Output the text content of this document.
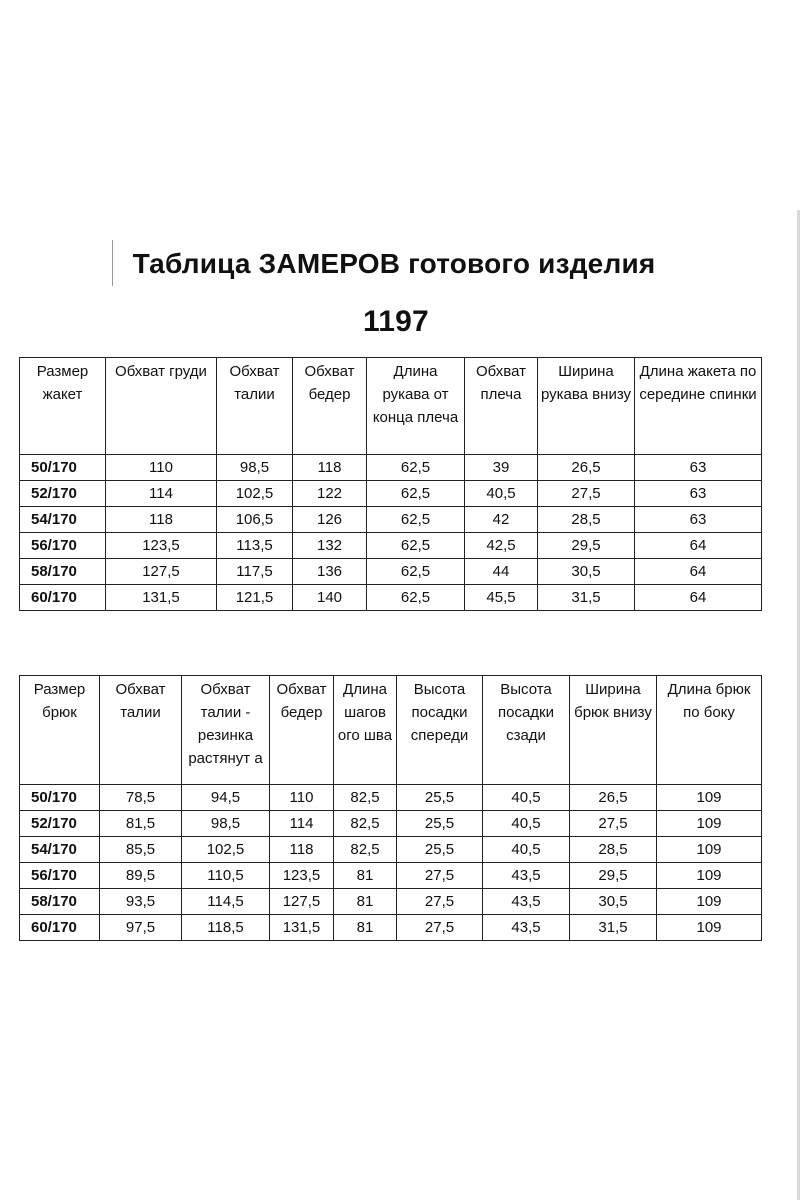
Таблица ЗАМЕРОВ готового изделия
1197
Размер жакет	Обхват груди	Обхват талии	Обхват бедер	Длина рукава от конца плеча	Обхват плеча	Ширина рукава внизу	Длина жакета по середине спинки
50/170	110	98,5	118	62,5	39	26,5	63
52/170	114	102,5	122	62,5	40,5	27,5	63
54/170	118	106,5	126	62,5	42	28,5	63
56/170	123,5	113,5	132	62,5	42,5	29,5	64
58/170	127,5	117,5	136	62,5	44	30,5	64
60/170	131,5	121,5	140	62,5	45,5	31,5	64
Размер брюк	Обхват талии	Обхват талии - резинка растянут а	Обхват бедер	Длина шагов ого шва	Высота посадки спереди	Высота посадки сзади	Ширина брюк внизу	Длина брюк по боку
50/170	78,5	94,5	110	82,5	25,5	40,5	26,5	109
52/170	81,5	98,5	114	82,5	25,5	40,5	27,5	109
54/170	85,5	102,5	118	82,5	25,5	40,5	28,5	109
56/170	89,5	110,5	123,5	81	27,5	43,5	29,5	109
58/170	93,5	114,5	127,5	81	27,5	43,5	30,5	109
60/170	97,5	118,5	131,5	81	27,5	43,5	31,5	109
